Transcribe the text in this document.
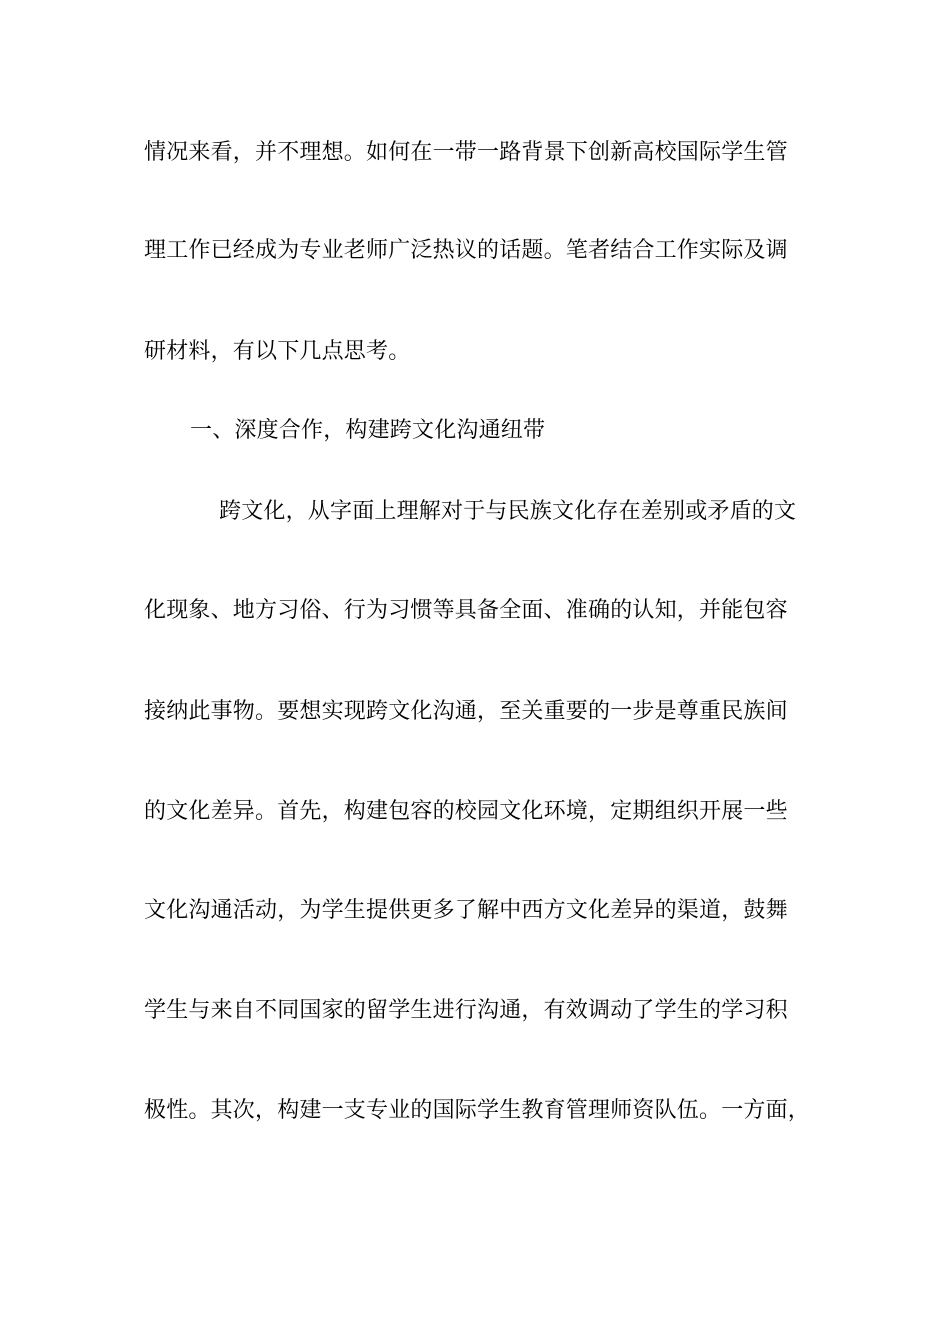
情况来看，并不理想。如何在一带一路背景下创新高校国际学生管
理工作已经成为专业老师广泛热议的话题。笔者结合工作实际及调
研材料，有以下几点思考。
一、深度合作，构建跨文化沟通纽带
跨文化，从字面上理解对于与民族文化存在差别或矛盾的文
化现象、地方习俗、行为习惯等具备全面、准确的认知，并能包容
接纳此事物。要想实现跨文化沟通，至关重要的一步是尊重民族间
的文化差异。首先，构建包容的校园文化环境，定期组织开展一些
文化沟通活动，为学生提供更多了解中西方文化差异的渠道，鼓舞
学生与来自不同国家的留学生进行沟通，有效调动了学生的学习积
极性。其次，构建一支专业的国际学生教育管理师资队伍。一方面，
